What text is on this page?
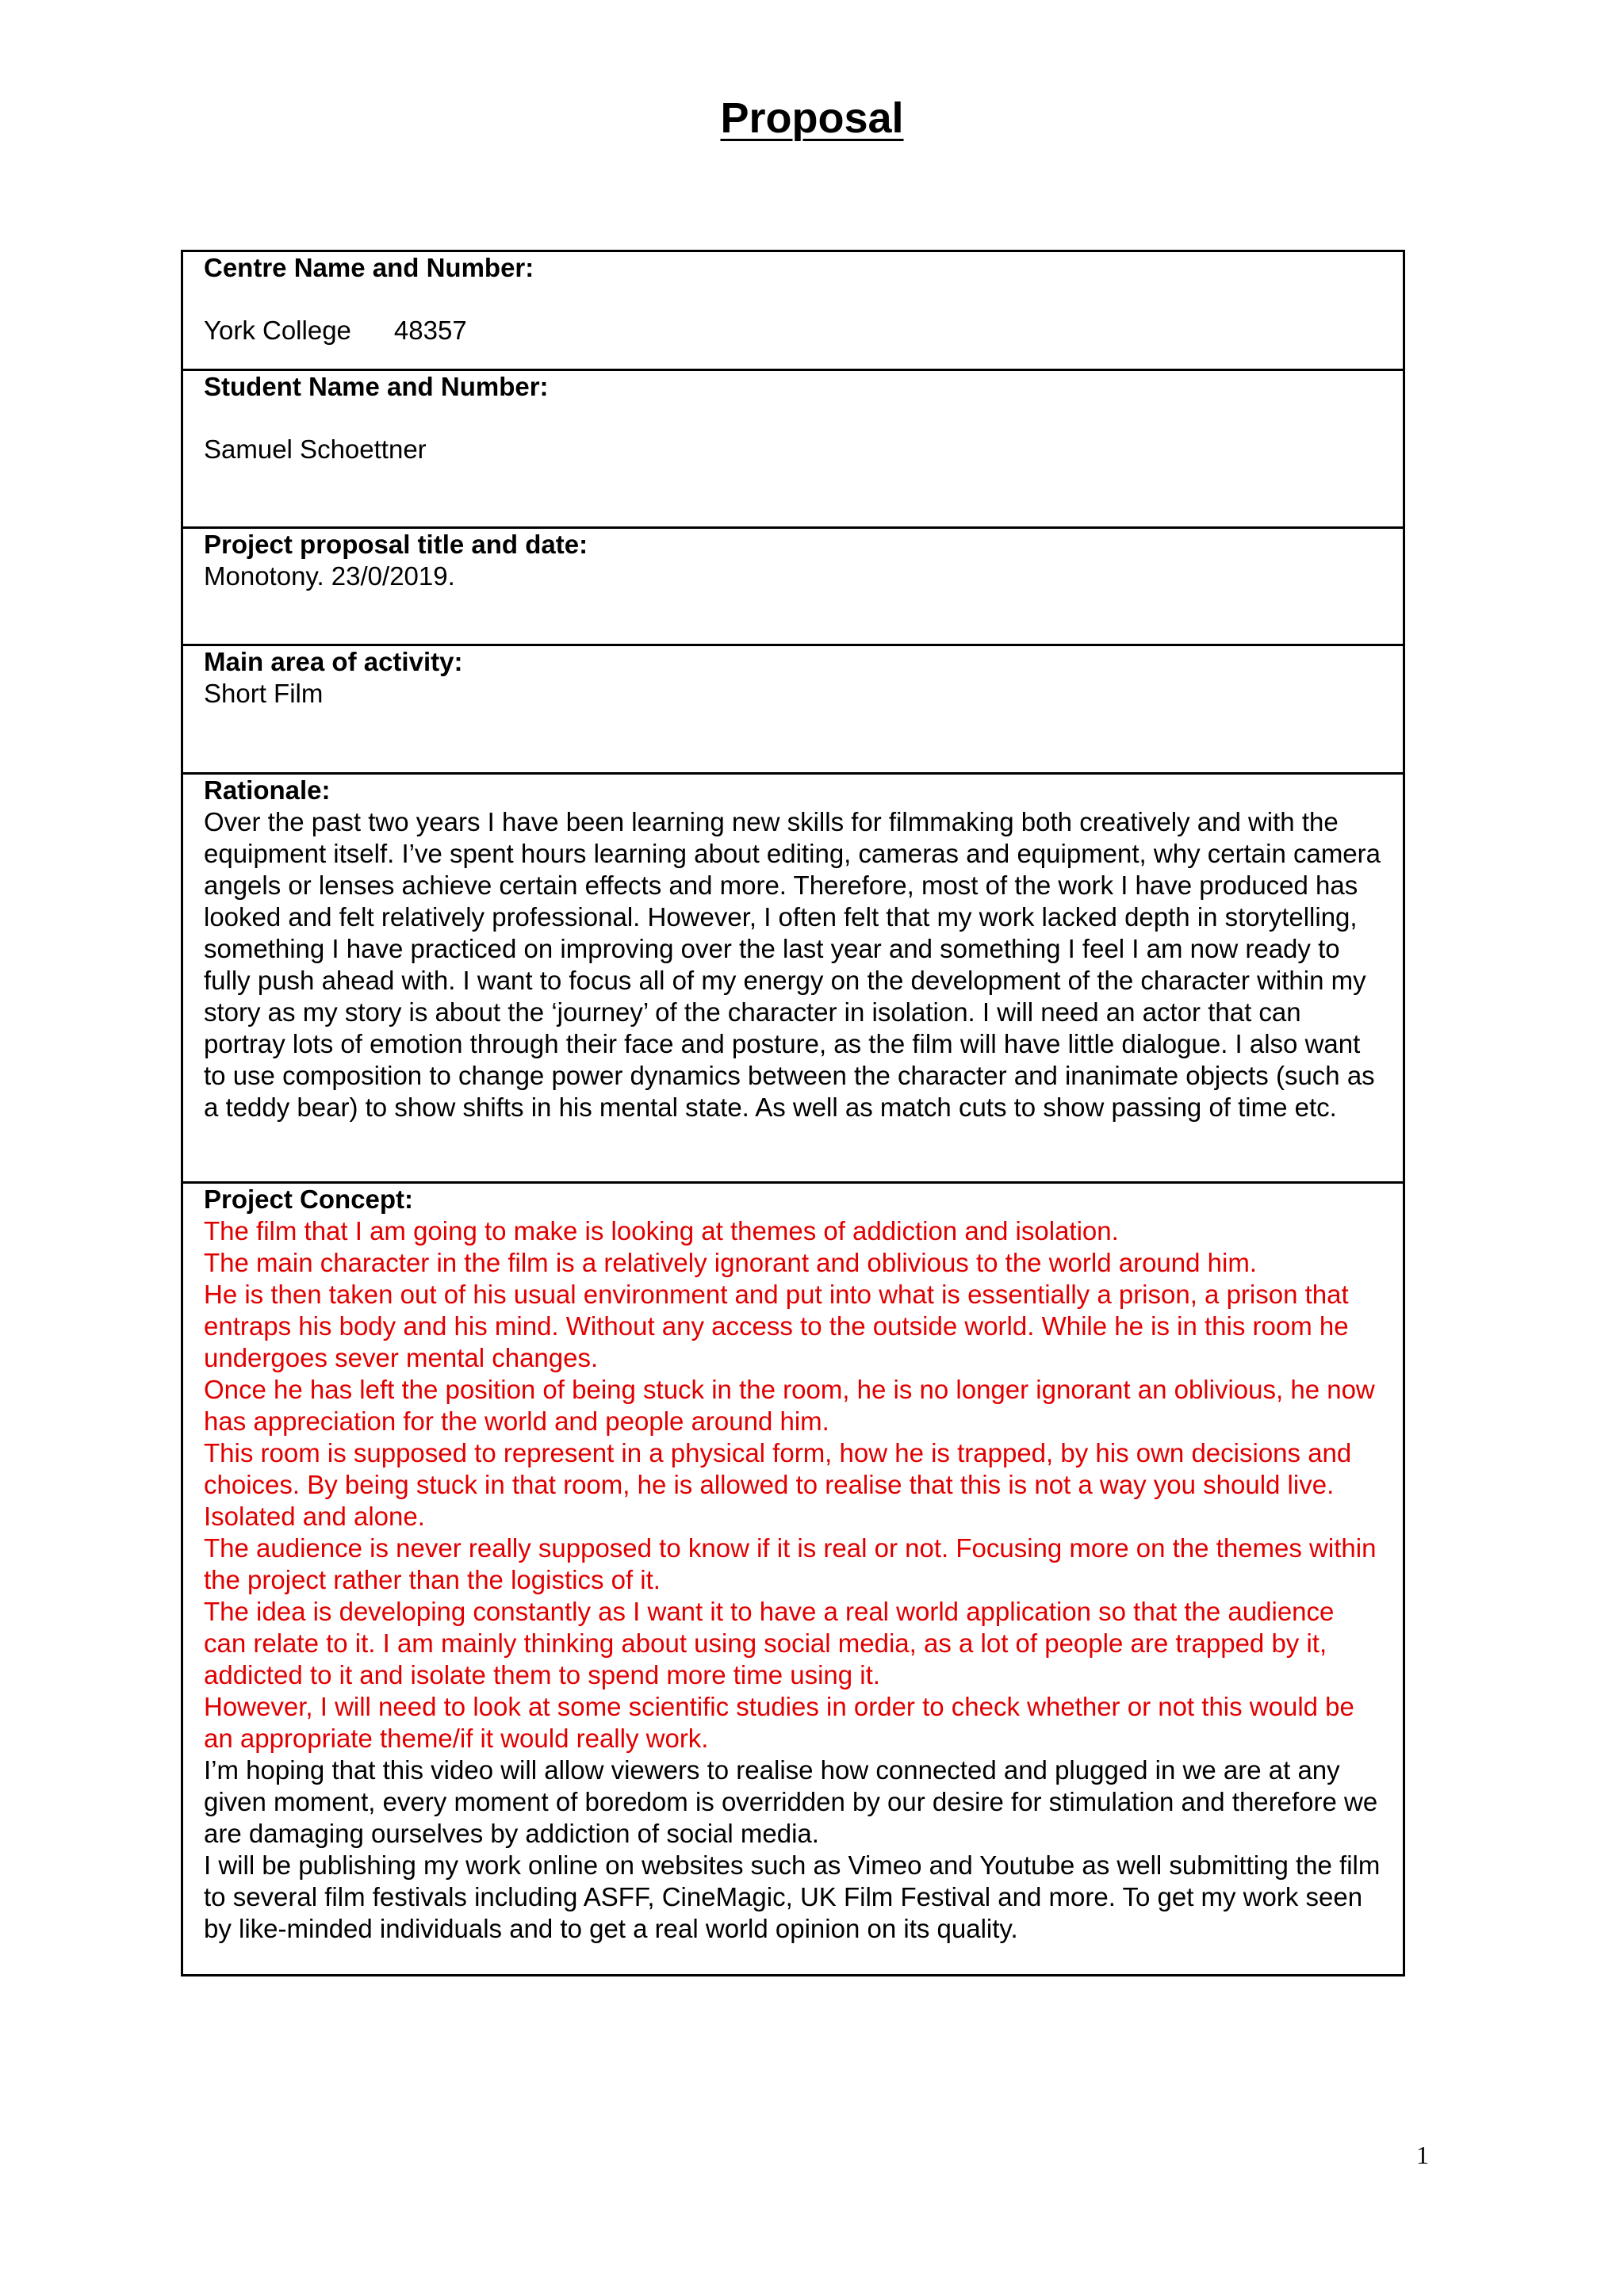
Proposal
Centre Name and Number:
York College 48357
Student Name and Number:
Samuel Schoettner
Project proposal title and date:
Monotony. 23/0/2019.
Main area of activity:
Short Film
Rationale:
Over the past two years I have been learning new skills for filmmaking both creatively and with the equipment itself. I’ve spent hours learning about editing, cameras and equipment, why certain camera angels or lenses achieve certain effects and more. Therefore, most of the work I have produced has looked and felt relatively professional. However, I often felt that my work lacked depth in storytelling, something I have practiced on improving over the last year and something I feel I am now ready to fully push ahead with. I want to focus all of my energy on the development of the character within my story as my story is about the ‘journey’ of the character in isolation. I will need an actor that can portray lots of emotion through their face and posture, as the film will have little dialogue. I also want to use composition to change power dynamics between the character and inanimate objects (such as a teddy bear) to show shifts in his mental state. As well as match cuts to show passing of time etc.
Project Concept:
The film that I am going to make is looking at themes of addiction and isolation.
The main character in the film is a relatively ignorant and oblivious to the world around him.
He is then taken out of his usual environment and put into what is essentially a prison, a prison that entraps his body and his mind. Without any access to the outside world. While he is in this room he undergoes sever mental changes.
Once he has left the position of being stuck in the room, he is no longer ignorant an oblivious, he now has appreciation for the world and people around him.
This room is supposed to represent in a physical form, how he is trapped, by his own decisions and choices. By being stuck in that room, he is allowed to realise that this is not a way you should live. Isolated and alone.
The audience is never really supposed to know if it is real or not. Focusing more on the themes within the project rather than the logistics of it.
The idea is developing constantly as I want it to have a real world application so that the audience can relate to it. I am mainly thinking about using social media, as a lot of people are trapped by it, addicted to it and isolate them to spend more time using it.
However, I will need to look at some scientific studies in order to check whether or not this would be an appropriate theme/if it would really work.
I’m hoping that this video will allow viewers to realise how connected and plugged in we are at any given moment, every moment of boredom is overridden by our desire for stimulation and therefore we are damaging ourselves by addiction of social media.
I will be publishing my work online on websites such as Vimeo and Youtube as well submitting the film to several film festivals including ASFF, CineMagic, UK Film Festival and more. To get my work seen by like-minded individuals and to get a real world opinion on its quality.
1
